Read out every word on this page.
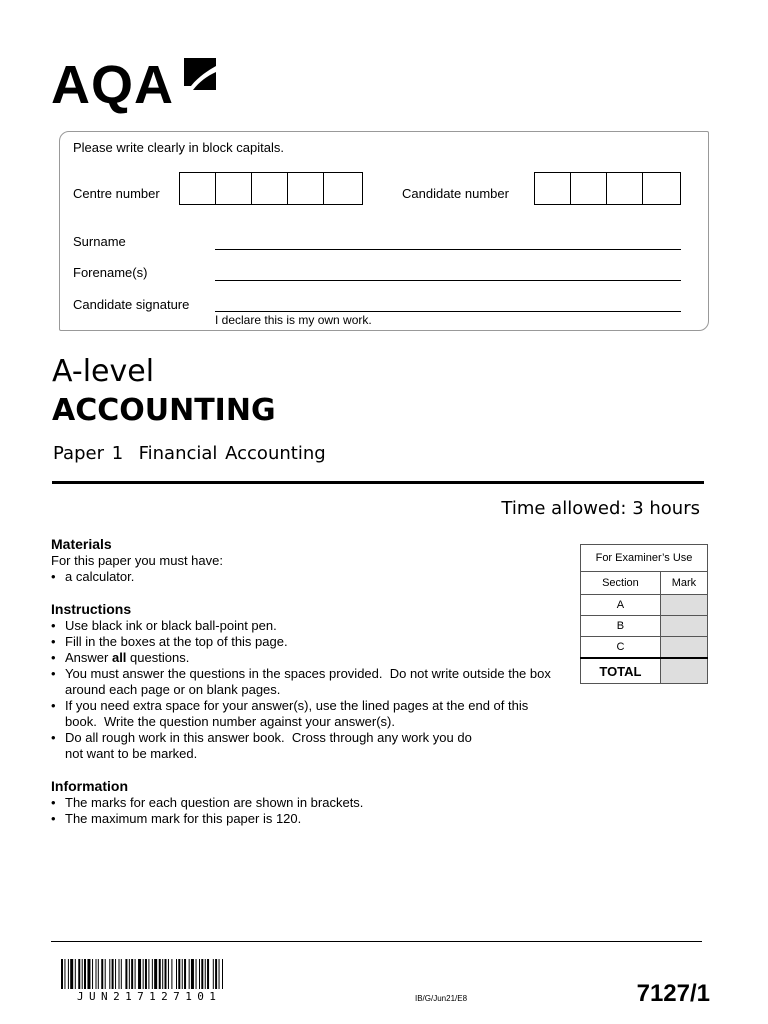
AQA
Please write clearly in block capitals.
Centre number	Candidate number
Surname
Forename(s)
Candidate signature
I declare this is my own work.
A-level
ACCOUNTING
Paper 1  Financial Accounting
Time allowed: 3 hours
Materials

For this paper you must have:

• a calculator.
Instructions
• Use black ink or black ball-point pen.
• Fill in the boxes at the top of this page.
• Answer all questions.
• You must answer the questions in the spaces provided.  Do not write outside the box around each page or on blank pages.
• If you need extra space for your answer(s), use the lined pages at the end of this book.  Write the question number against your answer(s).
• Do all rough work in this answer book.  Cross through any work you do not want to be marked.
Information
• The marks for each question are shown in brackets.
• The maximum mark for this paper is 120.
For Examiner’s Use	
Section	Mark
A	
B	
C	
TOTAL	
JUN217127101	IB/G/Jun21/E8	7127/1
